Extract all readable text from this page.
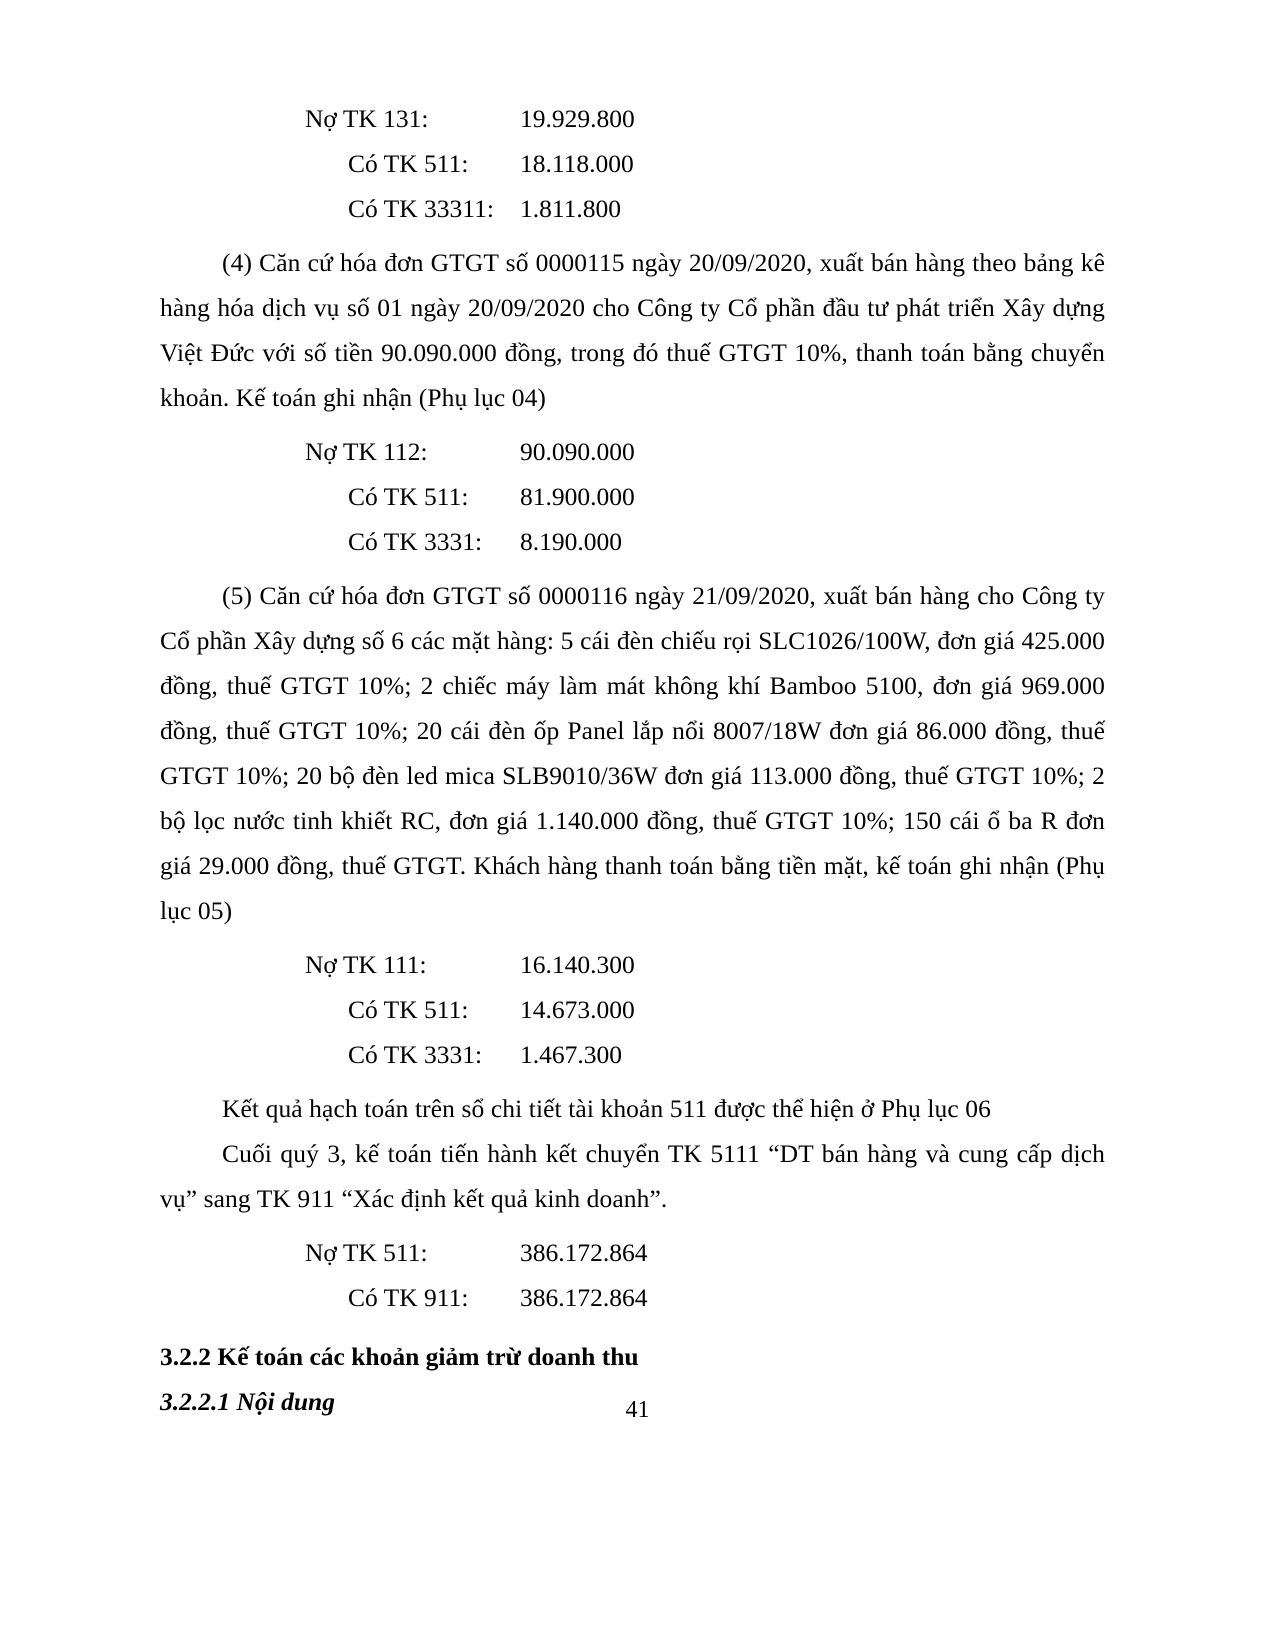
Nợ TK 131:	19.929.800
Có TK 511: 18.118.000
Có TK 33311: 1.811.800

(4) Căn cứ hóa đơn GTGT số 0000115 ngày 20/09/2020, xuất bán hàng theo bảng kê hàng hóa dịch vụ số 01 ngày 20/09/2020 cho Công ty Cổ phần đầu tư phát triển Xây dựng Việt Đức với số tiền 90.090.000 đồng, trong đó thuế GTGT 10%, thanh toán bằng chuyển khoản. Kế toán ghi nhận (Phụ lục 04)

Nợ TK 112:	90.090.000
Có TK 511: 81.900.000
Có TK 3331: 8.190.000

(5) Căn cứ hóa đơn GTGT số 0000116 ngày 21/09/2020, xuất bán hàng cho Công ty Cổ phần Xây dựng số 6 các mặt hàng: 5 cái đèn chiếu rọi SLC1026/100W, đơn giá 425.000 đồng, thuế GTGT 10%; 2 chiếc máy làm mát không khí Bamboo 5100, đơn giá 969.000 đồng, thuế GTGT 10%; 20 cái đèn ốp Panel lắp nổi 8007/18W đơn giá 86.000 đồng, thuế GTGT 10%; 20 bộ đèn led mica SLB9010/36W đơn giá 113.000 đồng, thuế GTGT 10%; 2 bộ lọc nước tinh khiết RC, đơn giá 1.140.000 đồng, thuế GTGT 10%; 150 cái ổ ba R đơn giá 29.000 đồng, thuế GTGT. Khách hàng thanh toán bằng tiền mặt, kế toán ghi nhận (Phụ lục 05)

Nợ TK 111:	16.140.300
Có TK 511: 14.673.000
Có TK 3331: 1.467.300

Kết quả hạch toán trên sổ chi tiết tài khoản 511 được thể hiện ở Phụ lục 06

Cuối quý 3, kế toán tiến hành kết chuyển TK 5111 “DT bán hàng và cung cấp dịch vụ” sang TK 911 “Xác định kết quả kinh doanh”.

Nợ TK 511:	386.172.864
Có TK 911: 386.172.864
3.2.2 Kế toán các khoản giảm trừ doanh thu
3.2.2.1 Nội dung	41
